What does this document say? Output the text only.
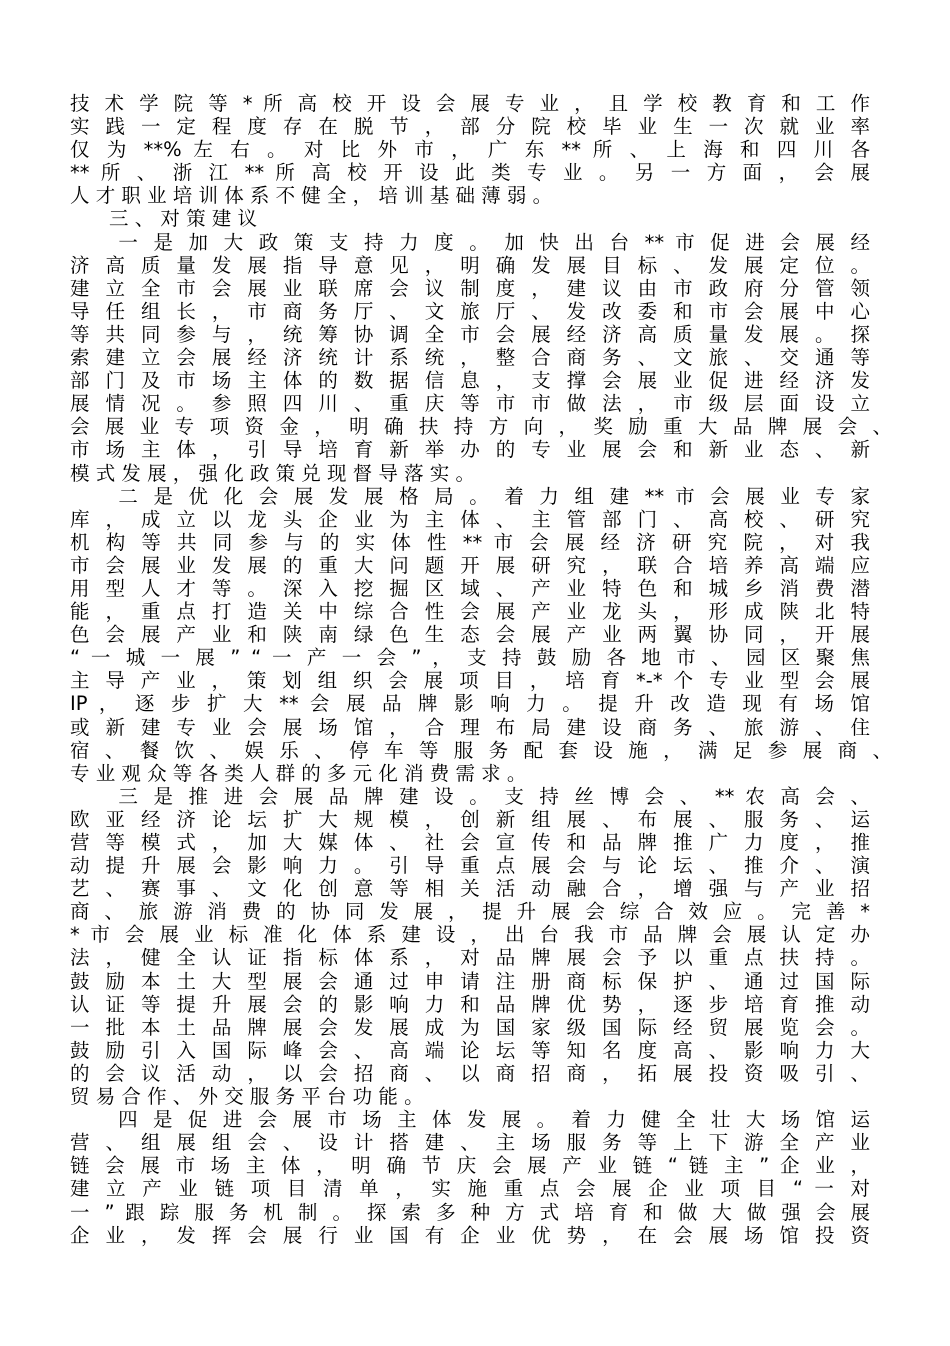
技 术 学 院 等 * 所 高 校 开 设 会 展 专 业 ， 且 学 校 教 育 和 工 作
实 践 一 定 程 度 存 在 脱 节 ， 部 分 院 校 毕 业 生 一 次 就 业 率
仅 为 **% 左 右 。 对 比 外 市 ， 广 东 ** 所 、 上 海 和 四 川 各
** 所 、 浙 江 ** 所 高 校 开 设 此 类 专 业 。 另 一 方 面 ， 会 展
人 才 职 业 培 训 体 系 不 健 全 ， 培 训 基 础 薄 弱 。
　　三 、 对 策 建 议
　　一 是 加 大 政 策 支 持 力 度 。 加 快 出 台 ** 市 促 进 会 展 经
济 高 质 量 发 展 指 导 意 见 ， 明 确 发 展 目 标 、 发 展 定 位 。
建 立 全 市 会 展 业 联 席 会 议 制 度 ， 建 议 由 市 政 府 分 管 领
导 任 组 长 ， 市 商 务 厅 、 文 旅 厅 、 发 改 委 和 市 会 展 中 心
等 共 同 参 与 ， 统 筹 协 调 全 市 会 展 经 济 高 质 量 发 展 。 探
索 建 立 会 展 经 济 统 计 系 统 ， 整 合 商 务 、 文 旅 、 交 通 等
部 门 及 市 场 主 体 的 数 据 信 息 ， 支 撑 会 展 业 促 进 经 济 发
展 情 况 。 参 照 四 川 、 重 庆 等 市 市 做 法 ， 市 级 层 面 设 立
会 展 业 专 项 资 金 ， 明 确 扶 持 方 向 ， 奖 励 重 大 品 牌 展 会 、
市 场 主 体 ， 引 导 培 育 新 举 办 的 专 业 展 会 和 新 业 态 、 新
模 式 发 展 ， 强 化 政 策 兑 现 督 导 落 实 。
　　二 是 优 化 会 展 发 展 格 局 。 着 力 组 建 ** 市 会 展 业 专 家
库 ， 成 立 以 龙 头 企 业 为 主 体 、 主 管 部 门 、 高 校 、 研 究
机 构 等 共 同 参 与 的 实 体 性 ** 市 会 展 经 济 研 究 院 ， 对 我
市 会 展 业 发 展 的 重 大 问 题 开 展 研 究 ， 联 合 培 养 高 端 应
用 型 人 才 等 。 深 入 挖 掘 区 域 、 产 业 特 色 和 城 乡 消 费 潜
能 ， 重 点 打 造 关 中 综 合 性 会 展 产 业 龙 头 ， 形 成 陕 北 特
色 会 展 产 业 和 陕 南 绿 色 生 态 会 展 产 业 两 翼 协 同 ， 开 展
“ 一 城 一 展 ” “ 一 产 一 会 ” ， 支 持 鼓 励 各 地 市 、 园 区 聚 焦
主 导 产 业 ， 策 划 组 织 会 展 项 目 ， 培 育 *-* 个 专 业 型 会 展
IP ， 逐 步 扩 大 ** 会 展 品 牌 影 响 力 。 提 升 改 造 现 有 场 馆
或 新 建 专 业 会 展 场 馆 ， 合 理 布 局 建 设 商 务 、 旅 游 、 住
宿 、 餐 饮 、 娱 乐 、 停 车 等 服 务 配 套 设 施 ， 满 足 参 展 商 、
专 业 观 众 等 各 类 人 群 的 多 元 化 消 费 需 求 。
　　三 是 推 进 会 展 品 牌 建 设 。 支 持 丝 博 会 、 ** 农 高 会 、
欧 亚 经 济 论 坛 扩 大 规 模 ， 创 新 组 展 、 布 展 、 服 务 、 运
营 等 模 式 ， 加 大 媒 体 、 社 会 宣 传 和 品 牌 推 广 力 度 ， 推
动 提 升 展 会 影 响 力 。 引 导 重 点 展 会 与 论 坛 、 推 介 、 演
艺 、 赛 事 、 文 化 创 意 等 相 关 活 动 融 合 ， 增 强 与 产 业 招
商 、 旅 游 消 费 的 协 同 发 展 ， 提 升 展 会 综 合 效 应 。 完 善 *
* 市 会 展 业 标 准 化 体 系 建 设 ， 出 台 我 市 品 牌 会 展 认 定 办
法 ， 健 全 认 证 指 标 体 系 ， 对 品 牌 展 会 予 以 重 点 扶 持 。
鼓 励 本 土 大 型 展 会 通 过 申 请 注 册 商 标 保 护 、 通 过 国 际
认 证 等 提 升 展 会 的 影 响 力 和 品 牌 优 势 ， 逐 步 培 育 推 动
一 批 本 土 品 牌 展 会 发 展 成 为 国 家 级 国 际 经 贸 展 览 会 。
鼓 励 引 入 国 际 峰 会 、 高 端 论 坛 等 知 名 度 高 、 影 响 力 大
的 会 议 活 动 ， 以 会 招 商 、 以 商 招 商 ， 拓 展 投 资 吸 引 、
贸 易 合 作 、 外 交 服 务 平 台 功 能 。
　　四 是 促 进 会 展 市 场 主 体 发 展 。 着 力 健 全 壮 大 场 馆 运
营 、 组 展 组 会 、 设 计 搭 建 、 主 场 服 务 等 上 下 游 全 产 业
链 会 展 市 场 主 体 ， 明 确 节 庆 会 展 产 业 链 “ 链 主 ” 企 业 ，
建 立 产 业 链 项 目 清 单 ， 实 施 重 点 会 展 企 业 项 目 “ 一 对
一 ” 跟 踪 服 务 机 制 。 探 索 多 种 方 式 培 育 和 做 大 做 强 会 展
企 业 ， 发 挥 会 展 行 业 国 有 企 业 优 势 ， 在 会 展 场 馆 投 资
